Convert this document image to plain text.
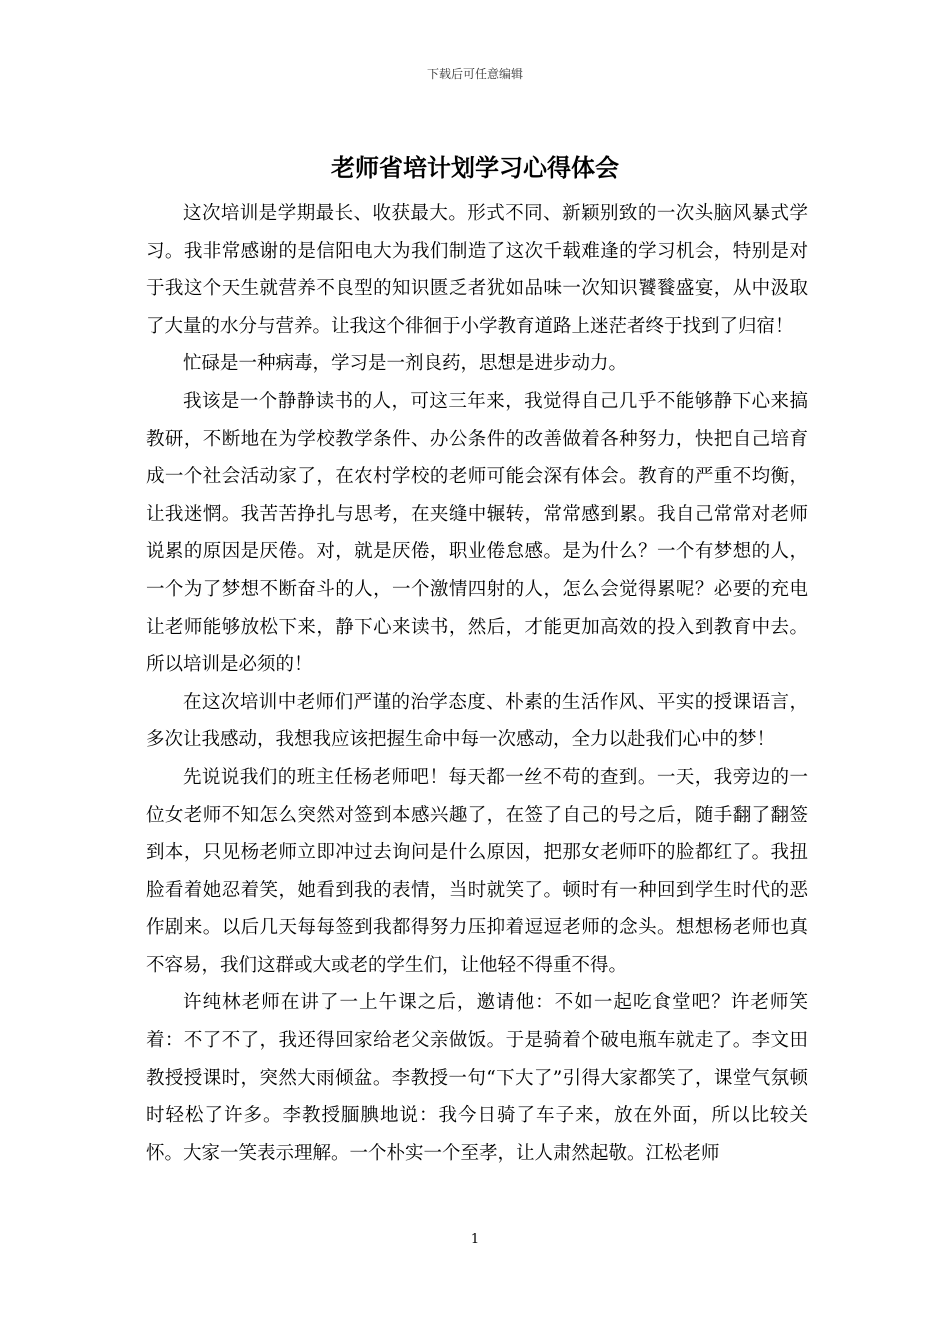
下载后可任意编辑
老师省培计划学习心得体会

这次培训是学期最长、收获最大。形式不同、新颖别致的一次头脑风暴式学习。我非常感谢的是信阳电大为我们制造了这次千载难逢的学习机会，特别是对于我这个天生就营养不良型的知识匮乏者犹如品味一次知识饕餮盛宴，从中汲取了大量的水分与营养。让我这个徘徊于小学教育道路上迷茫者终于找到了归宿！

忙碌是一种病毒，学习是一剂良药，思想是进步动力。

我该是一个静静读书的人，可这三年来，我觉得自己几乎不能够静下心来搞教研，不断地在为学校教学条件、办公条件的改善做着各种努力，快把自己培育成一个社会活动家了，在农村学校的老师可能会深有体会。教育的严重不均衡，让我迷惘。我苦苦挣扎与思考，在夹缝中辗转，常常感到累。我自己常常对老师说累的原因是厌倦。对，就是厌倦，职业倦怠感。是为什么？一个有梦想的人，一个为了梦想不断奋斗的人，一个激情四射的人，怎么会觉得累呢？必要的充电让老师能够放松下来，静下心来读书，然后，才能更加高效的投入到教育中去。所以培训是必须的！

在这次培训中老师们严谨的治学态度、朴素的生活作风、平实的授课语言，多次让我感动，我想我应该把握生命中每一次感动，全力以赴我们心中的梦！

先说说我们的班主任杨老师吧！每天都一丝不苟的查到。一天，我旁边的一位女老师不知怎么突然对签到本感兴趣了，在签了自己的号之后，随手翻了翻签到本，只见杨老师立即冲过去询问是什么原因，把那女老师吓的脸都红了。我扭脸看着她忍着笑，她看到我的表情，当时就笑了。顿时有一种回到学生时代的恶作剧来。以后几天每每签到我都得努力压抑着逗逗老师的念头。想想杨老师也真不容易，我们这群或大或老的学生们，让他轻不得重不得。

许纯林老师在讲了一上午课之后，邀请他：不如一起吃食堂吧？许老师笑着：不了不了，我还得回家给老父亲做饭。于是骑着个破电瓶车就走了。李文田教授授课时，突然大雨倾盆。李教授一句“下大了”引得大家都笑了，课堂气氛顿时轻松了许多。李教授腼腆地说：我今日骑了车子来，放在外面，所以比较关怀。大家一笑表示理解。一个朴实一个至孝，让人肃然起敬。江松老师

1
